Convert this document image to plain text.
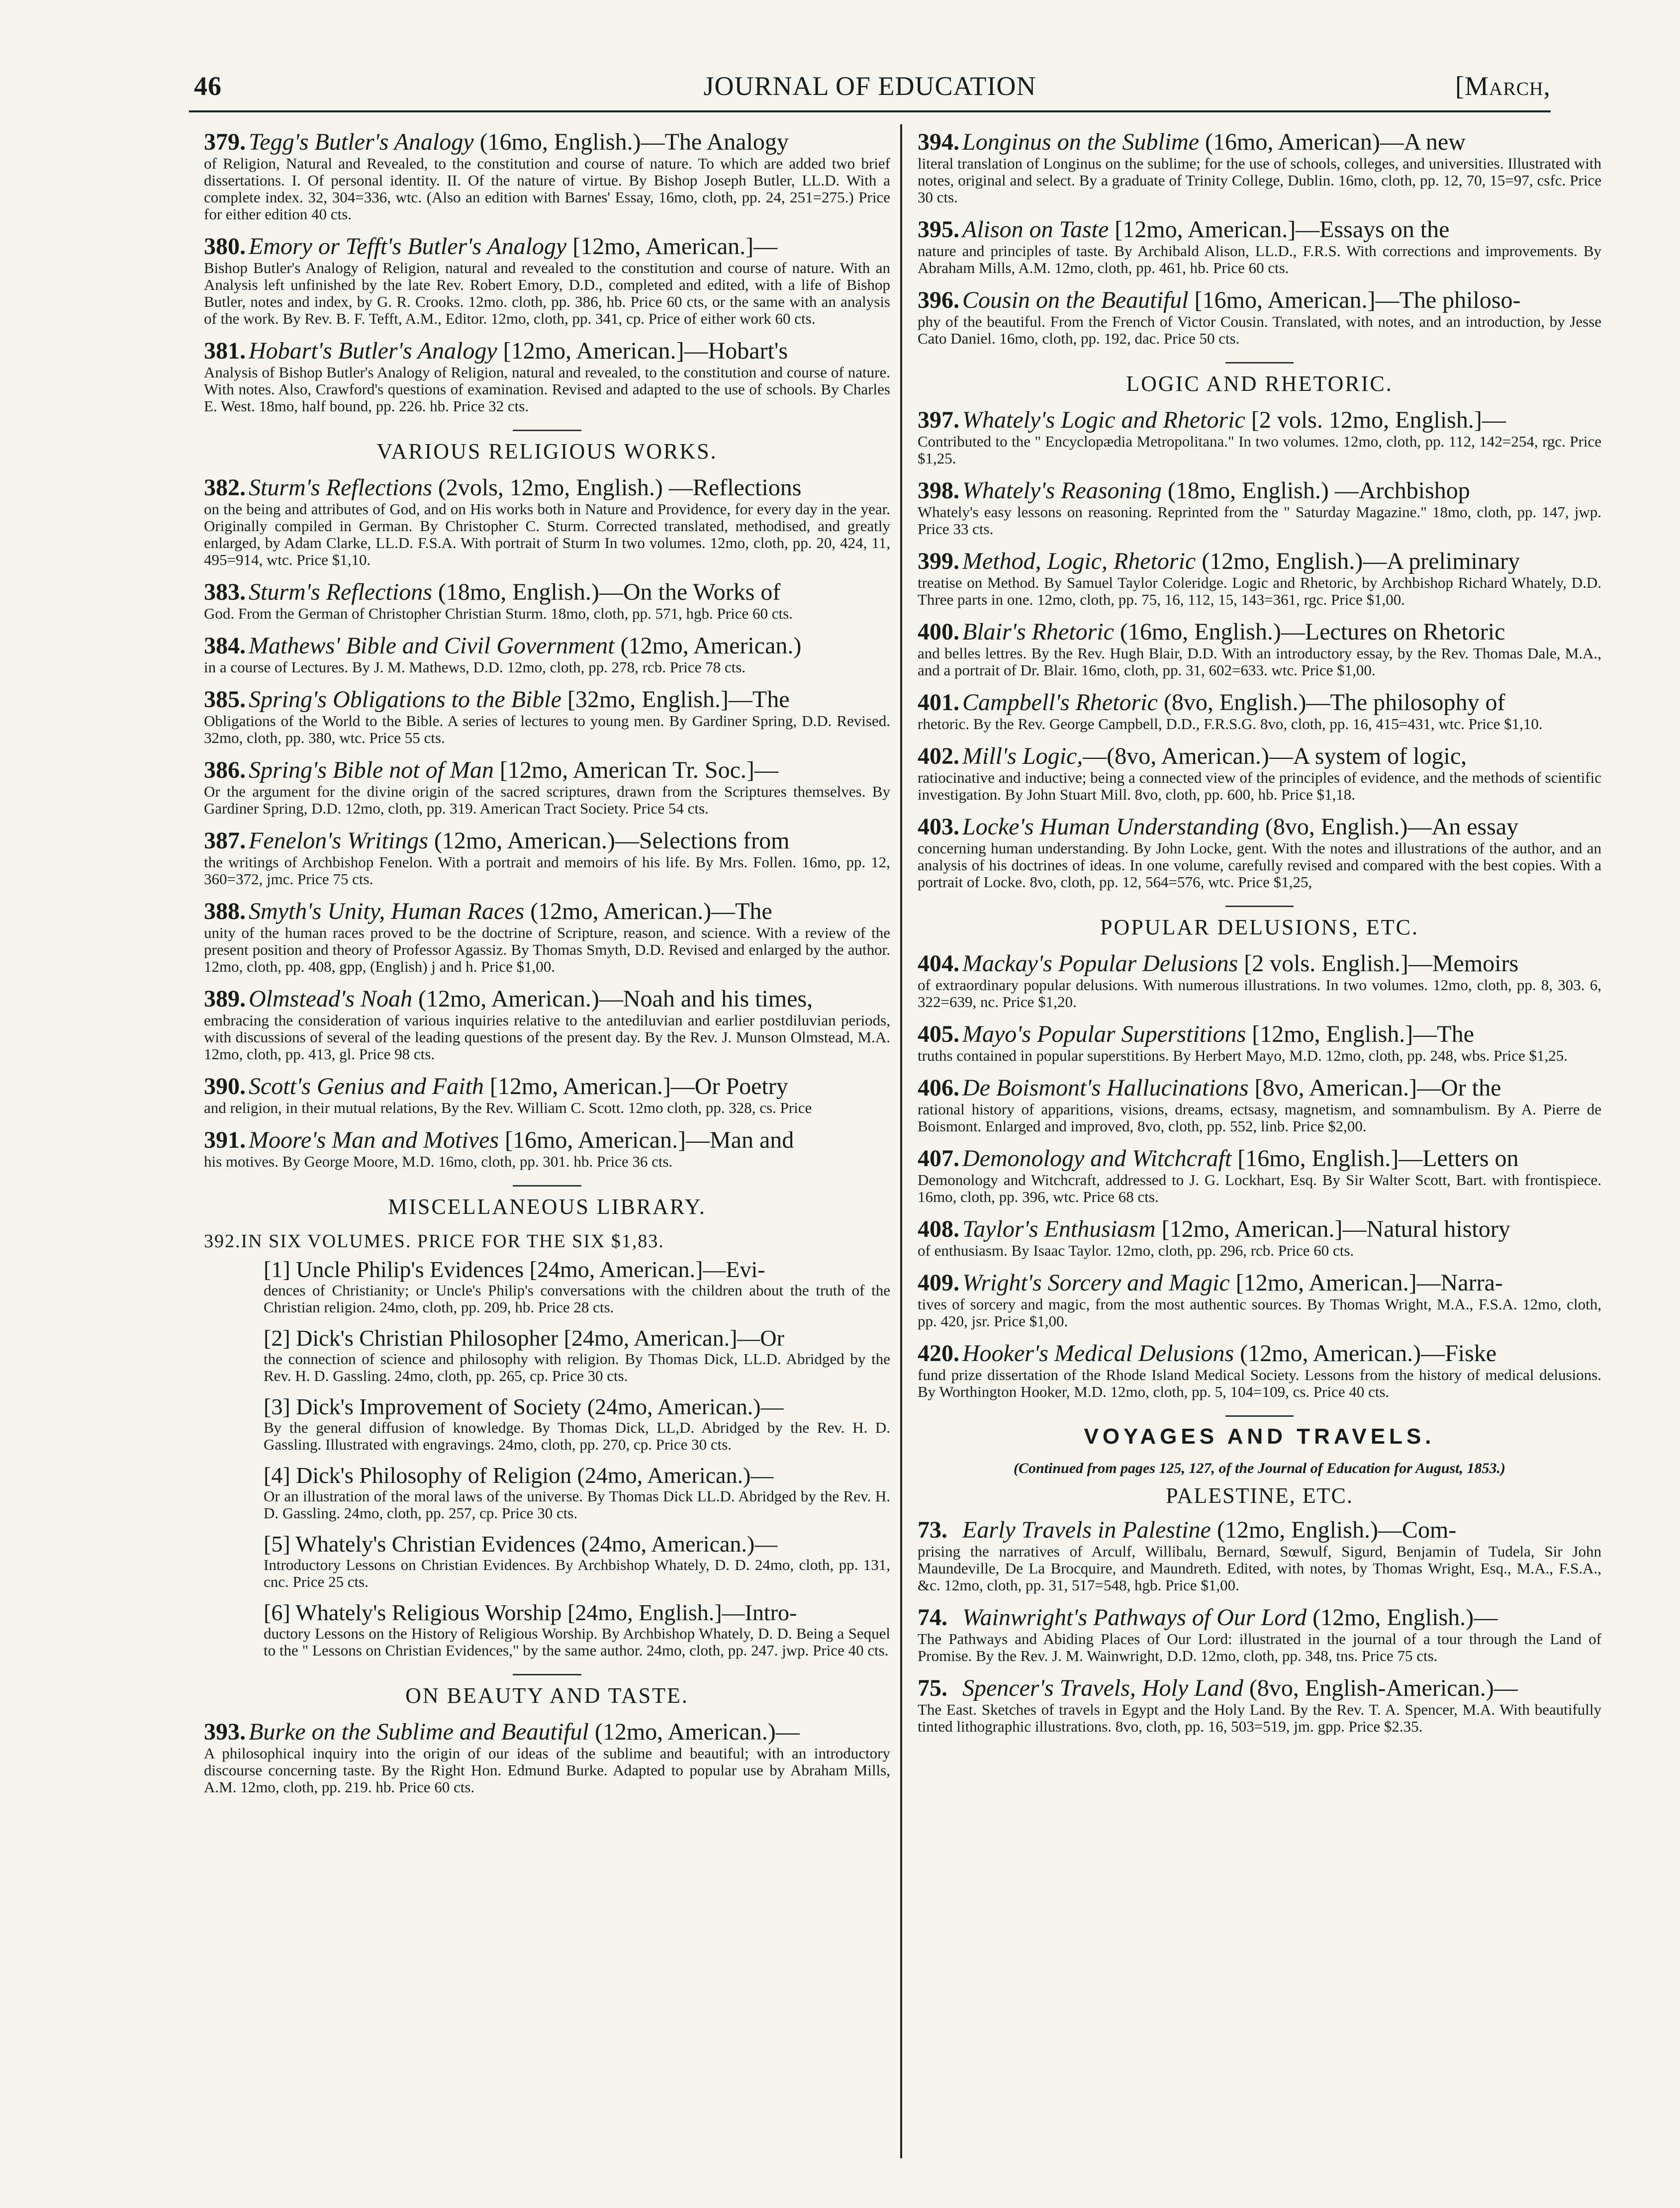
46	JOURNAL OF EDUCATION	[March,
379. Tegg's Butler's Analogy (16mo, English.)—The Analogy
of Religion, Natural and Revealed, to the constitution and course of nature. To which are added two brief dissertations. I. Of personal identity. II. Of the nature of virtue. By Bishop Joseph Butler, LL.D. With a complete index. 32, 304=336, wtc. (Also an edition with Barnes' Essay, 16mo, cloth, pp. 24, 251=275.) Price for either edition 40 cts.
380. Emory or Tefft's Butler's Analogy [12mo, American.]—
Bishop Butler's Analogy of Religion, natural and revealed to the constitution and course of nature. With an Analysis left unfinished by the late Rev. Robert Emory, D.D., completed and edited, with a life of Bishop Butler, notes and index, by G. R. Crooks. 12mo. cloth, pp. 386, hb. Price 60 cts, or the same with an analysis of the work. By Rev. B. F. Tefft, A.M., Editor. 12mo, cloth, pp. 341, cp. Price of either work 60 cts.
381. Hobart's Butler's Analogy [12mo, American.]—Hobart's
Analysis of Bishop Butler's Analogy of Religion, natural and revealed, to the constitution and course of nature. With notes. Also, Crawford's questions of examination. Revised and adapted to the use of schools. By Charles E. West. 18mo, half bound, pp. 226. hb. Price 32 cts.
VARIOUS RELIGIOUS WORKS.
382. Sturm's Reflections (2vols, 12mo, English.) —Reflections
on the being and attributes of God, and on His works both in Nature and Providence, for every day in the year. Originally compiled in German. By Christopher C. Sturm. Corrected translated, methodised, and greatly enlarged, by Adam Clarke, LL.D. F.S.A. With portrait of Sturm In two volumes. 12mo, cloth, pp. 20, 424, 11, 495=914, wtc. Price $1,10.
383. Sturm's Reflections (18mo, English.)—On the Works of
God. From the German of Christopher Christian Sturm. 18mo, cloth, pp. 571, hgb. Price 60 cts.
384. Mathews' Bible and Civil Government (12mo, American.)
in a course of Lectures. By J. M. Mathews, D.D. 12mo, cloth, pp. 278, rcb. Price 78 cts.
385. Spring's Obligations to the Bible [32mo, English.]—The
Obligations of the World to the Bible. A series of lectures to young men. By Gardiner Spring, D.D. Revised. 32mo, cloth, pp. 380, wtc. Price 55 cts.
386. Spring's Bible not of Man [12mo, American Tr. Soc.]—
Or the argument for the divine origin of the sacred scriptures, drawn from the Scriptures themselves. By Gardiner Spring, D.D. 12mo, cloth, pp. 319. American Tract Society. Price 54 cts.
387. Fenelon's Writings (12mo, American.)—Selections from
the writings of Archbishop Fenelon. With a portrait and memoirs of his life. By Mrs. Follen. 16mo, pp. 12, 360=372, jmc. Price 75 cts.
388. Smyth's Unity, Human Races (12mo, American.)—The
unity of the human races proved to be the doctrine of Scripture, reason, and science. With a review of the present position and theory of Professor Agassiz. By Thomas Smyth, D.D. Revised and enlarged by the author. 12mo, cloth, pp. 408, gpp, (English) j and h. Price $1,00.
389. Olmstead's Noah (12mo, American.)—Noah and his times,
embracing the consideration of various inquiries relative to the antediluvian and earlier postdiluvian periods, with discussions of several of the leading questions of the present day. By the Rev. J. Munson Olmstead, M.A. 12mo, cloth, pp. 413, gl. Price 98 cts.
390. Scott's Genius and Faith [12mo, American.]—Or Poetry
and religion, in their mutual relations, By the Rev. William C. Scott. 12mo cloth, pp. 328, cs. Price
391. Moore's Man and Motives [16mo, American.]—Man and
his motives. By George Moore, M.D. 16mo, cloth, pp. 301. hb. Price 36 cts.
MISCELLANEOUS LIBRARY.
392.IN SIX VOLUMES. PRICE FOR THE SIX $1,83.
[1] Uncle Philip's Evidences [24mo, American.]—Evi-
dences of Christianity; or Uncle's Philip's conversations with the children about the truth of the Christian religion. 24mo, cloth, pp. 209, hb. Price 28 cts.
[2] Dick's Christian Philosopher [24mo, American.]—Or
the connection of science and philosophy with religion. By Thomas Dick, LL.D. Abridged by the Rev. H. D. Gassling. 24mo, cloth, pp. 265, cp. Price 30 cts.
[3] Dick's Improvement of Society (24mo, American.)—
By the general diffusion of knowledge. By Thomas Dick, LL,D. Abridged by the Rev. H. D. Gassling. Illustrated with engravings. 24mo, cloth, pp. 270, cp. Price 30 cts.
[4] Dick's Philosophy of Religion (24mo, American.)—
Or an illustration of the moral laws of the universe. By Thomas Dick LL.D. Abridged by the Rev. H. D. Gassling. 24mo, cloth, pp. 257, cp. Price 30 cts.
[5] Whately's Christian Evidences (24mo, American.)—
Introductory Lessons on Christian Evidences. By Archbishop Whately, D. D. 24mo, cloth, pp. 131, cnc. Price 25 cts.
[6] Whately's Religious Worship [24mo, English.]—Intro-
ductory Lessons on the History of Religious Worship. By Archbishop Whately, D. D. Being a Sequel to the " Lessons on Christian Evidences," by the same author. 24mo, cloth, pp. 247. jwp. Price 40 cts.
ON BEAUTY AND TASTE.
393. Burke on the Sublime and Beautiful (12mo, American.)—
A philosophical inquiry into the origin of our ideas of the sublime and beautiful; with an introductory discourse concerning taste. By the Right Hon. Edmund Burke. Adapted to popular use by Abraham Mills, A.M. 12mo, cloth, pp. 219. hb. Price 60 cts.
394. Longinus on the Sublime (16mo, American)—A new
literal translation of Longinus on the sublime; for the use of schools, colleges, and universities. Illustrated with notes, original and select. By a graduate of Trinity College, Dublin. 16mo, cloth, pp. 12, 70, 15=97, csfc. Price 30 cts.
395. Alison on Taste [12mo, American.]—Essays on the
nature and principles of taste. By Archibald Alison, LL.D., F.R.S. With corrections and improvements. By Abraham Mills, A.M. 12mo, cloth, pp. 461, hb. Price 60 cts.
396. Cousin on the Beautiful [16mo, American.]—The philoso-
phy of the beautiful. From the French of Victor Cousin. Translated, with notes, and an introduction, by Jesse Cato Daniel. 16mo, cloth, pp. 192, dac. Price 50 cts.
LOGIC AND RHETORIC.
397. Whately's Logic and Rhetoric [2 vols. 12mo, English.]—
Contributed to the " Encyclopædia Metropolitana." In two volumes. 12mo, cloth, pp. 112, 142=254, rgc. Price $1,25.
398. Whately's Reasoning (18mo, English.) —Archbishop
Whately's easy lessons on reasoning. Reprinted from the " Saturday Magazine." 18mo, cloth, pp. 147, jwp. Price 33 cts.
399. Method, Logic, Rhetoric (12mo, English.)—A preliminary
treatise on Method. By Samuel Taylor Coleridge. Logic and Rhetoric, by Archbishop Richard Whately, D.D. Three parts in one. 12mo, cloth, pp. 75, 16, 112, 15, 143=361, rgc. Price $1,00.
400. Blair's Rhetoric (16mo, English.)—Lectures on Rhetoric
and belles lettres. By the Rev. Hugh Blair, D.D. With an introductory essay, by the Rev. Thomas Dale, M.A., and a portrait of Dr. Blair. 16mo, cloth, pp. 31, 602=633. wtc. Price $1,00.
401. Campbell's Rhetoric (8vo, English.)—The philosophy of
rhetoric. By the Rev. George Campbell, D.D., F.R.S.G. 8vo, cloth, pp. 16, 415=431, wtc. Price $1,10.
402. Mill's Logic,—(8vo, American.)—A system of logic,
ratiocinative and inductive; being a connected view of the principles of evidence, and the methods of scientific investigation. By John Stuart Mill. 8vo, cloth, pp. 600, hb. Price $1,18.
403. Locke's Human Understanding (8vo, English.)—An essay
concerning human understanding. By John Locke, gent. With the notes and illustrations of the author, and an analysis of his doctrines of ideas. In one volume, carefully revised and compared with the best copies. With a portrait of Locke. 8vo, cloth, pp. 12, 564=576, wtc. Price $1,25,
POPULAR DELUSIONS, ETC.
404. Mackay's Popular Delusions [2 vols. English.]—Memoirs
of extraordinary popular delusions. With numerous illustrations. In two volumes. 12mo, cloth, pp. 8, 303. 6, 322=639, nc. Price $1,20.
405. Mayo's Popular Superstitions [12mo, English.]—The
truths contained in popular superstitions. By Herbert Mayo, M.D. 12mo, cloth, pp. 248, wbs. Price $1,25.
406. De Boismont's Hallucinations [8vo, American.]—Or the
rational history of apparitions, visions, dreams, ectsasy, magnetism, and somnambulism. By A. Pierre de Boismont. Enlarged and improved, 8vo, cloth, pp. 552, linb. Price $2,00.
407. Demonology and Witchcraft [16mo, English.]—Letters on
Demonology and Witchcraft, addressed to J. G. Lockhart, Esq. By Sir Walter Scott, Bart. with frontispiece. 16mo, cloth, pp. 396, wtc. Price 68 cts.
408. Taylor's Enthusiasm [12mo, American.]—Natural history
of enthusiasm. By Isaac Taylor. 12mo, cloth, pp. 296, rcb. Price 60 cts.
409. Wright's Sorcery and Magic [12mo, American.]—Narra-
tives of sorcery and magic, from the most authentic sources. By Thomas Wright, M.A., F.S.A. 12mo, cloth, pp. 420, jsr. Price $1,00.
420. Hooker's Medical Delusions (12mo, American.)—Fiske
fund prize dissertation of the Rhode Island Medical Society. Lessons from the history of medical delusions. By Worthington Hooker, M.D. 12mo, cloth, pp. 5, 104=109, cs. Price 40 cts.
VOYAGES AND TRAVELS.
(Continued from pages 125, 127, of the Journal of Education for August, 1853.)
PALESTINE, ETC.
73. Early Travels in Palestine (12mo, English.)—Com-
prising the narratives of Arculf, Willibalu, Bernard, Sœwulf, Sigurd, Benjamin of Tudela, Sir John Maundeville, De La Brocquire, and Maundreth. Edited, with notes, by Thomas Wright, Esq., M.A., F.S.A., &c. 12mo, cloth, pp. 31, 517=548, hgb. Price $1,00.
74. Wainwright's Pathways of Our Lord (12mo, English.)—
The Pathways and Abiding Places of Our Lord: illustrated in the journal of a tour through the Land of Promise. By the Rev. J. M. Wainwright, D.D. 12mo, cloth, pp. 348, tns. Price 75 cts.
75. Spencer's Travels, Holy Land (8vo, English-American.)—
The East. Sketches of travels in Egypt and the Holy Land. By the Rev. T. A. Spencer, M.A. With beautifully tinted lithographic illustrations. 8vo, cloth, pp. 16, 503=519, jm. gpp. Price $2.35.
